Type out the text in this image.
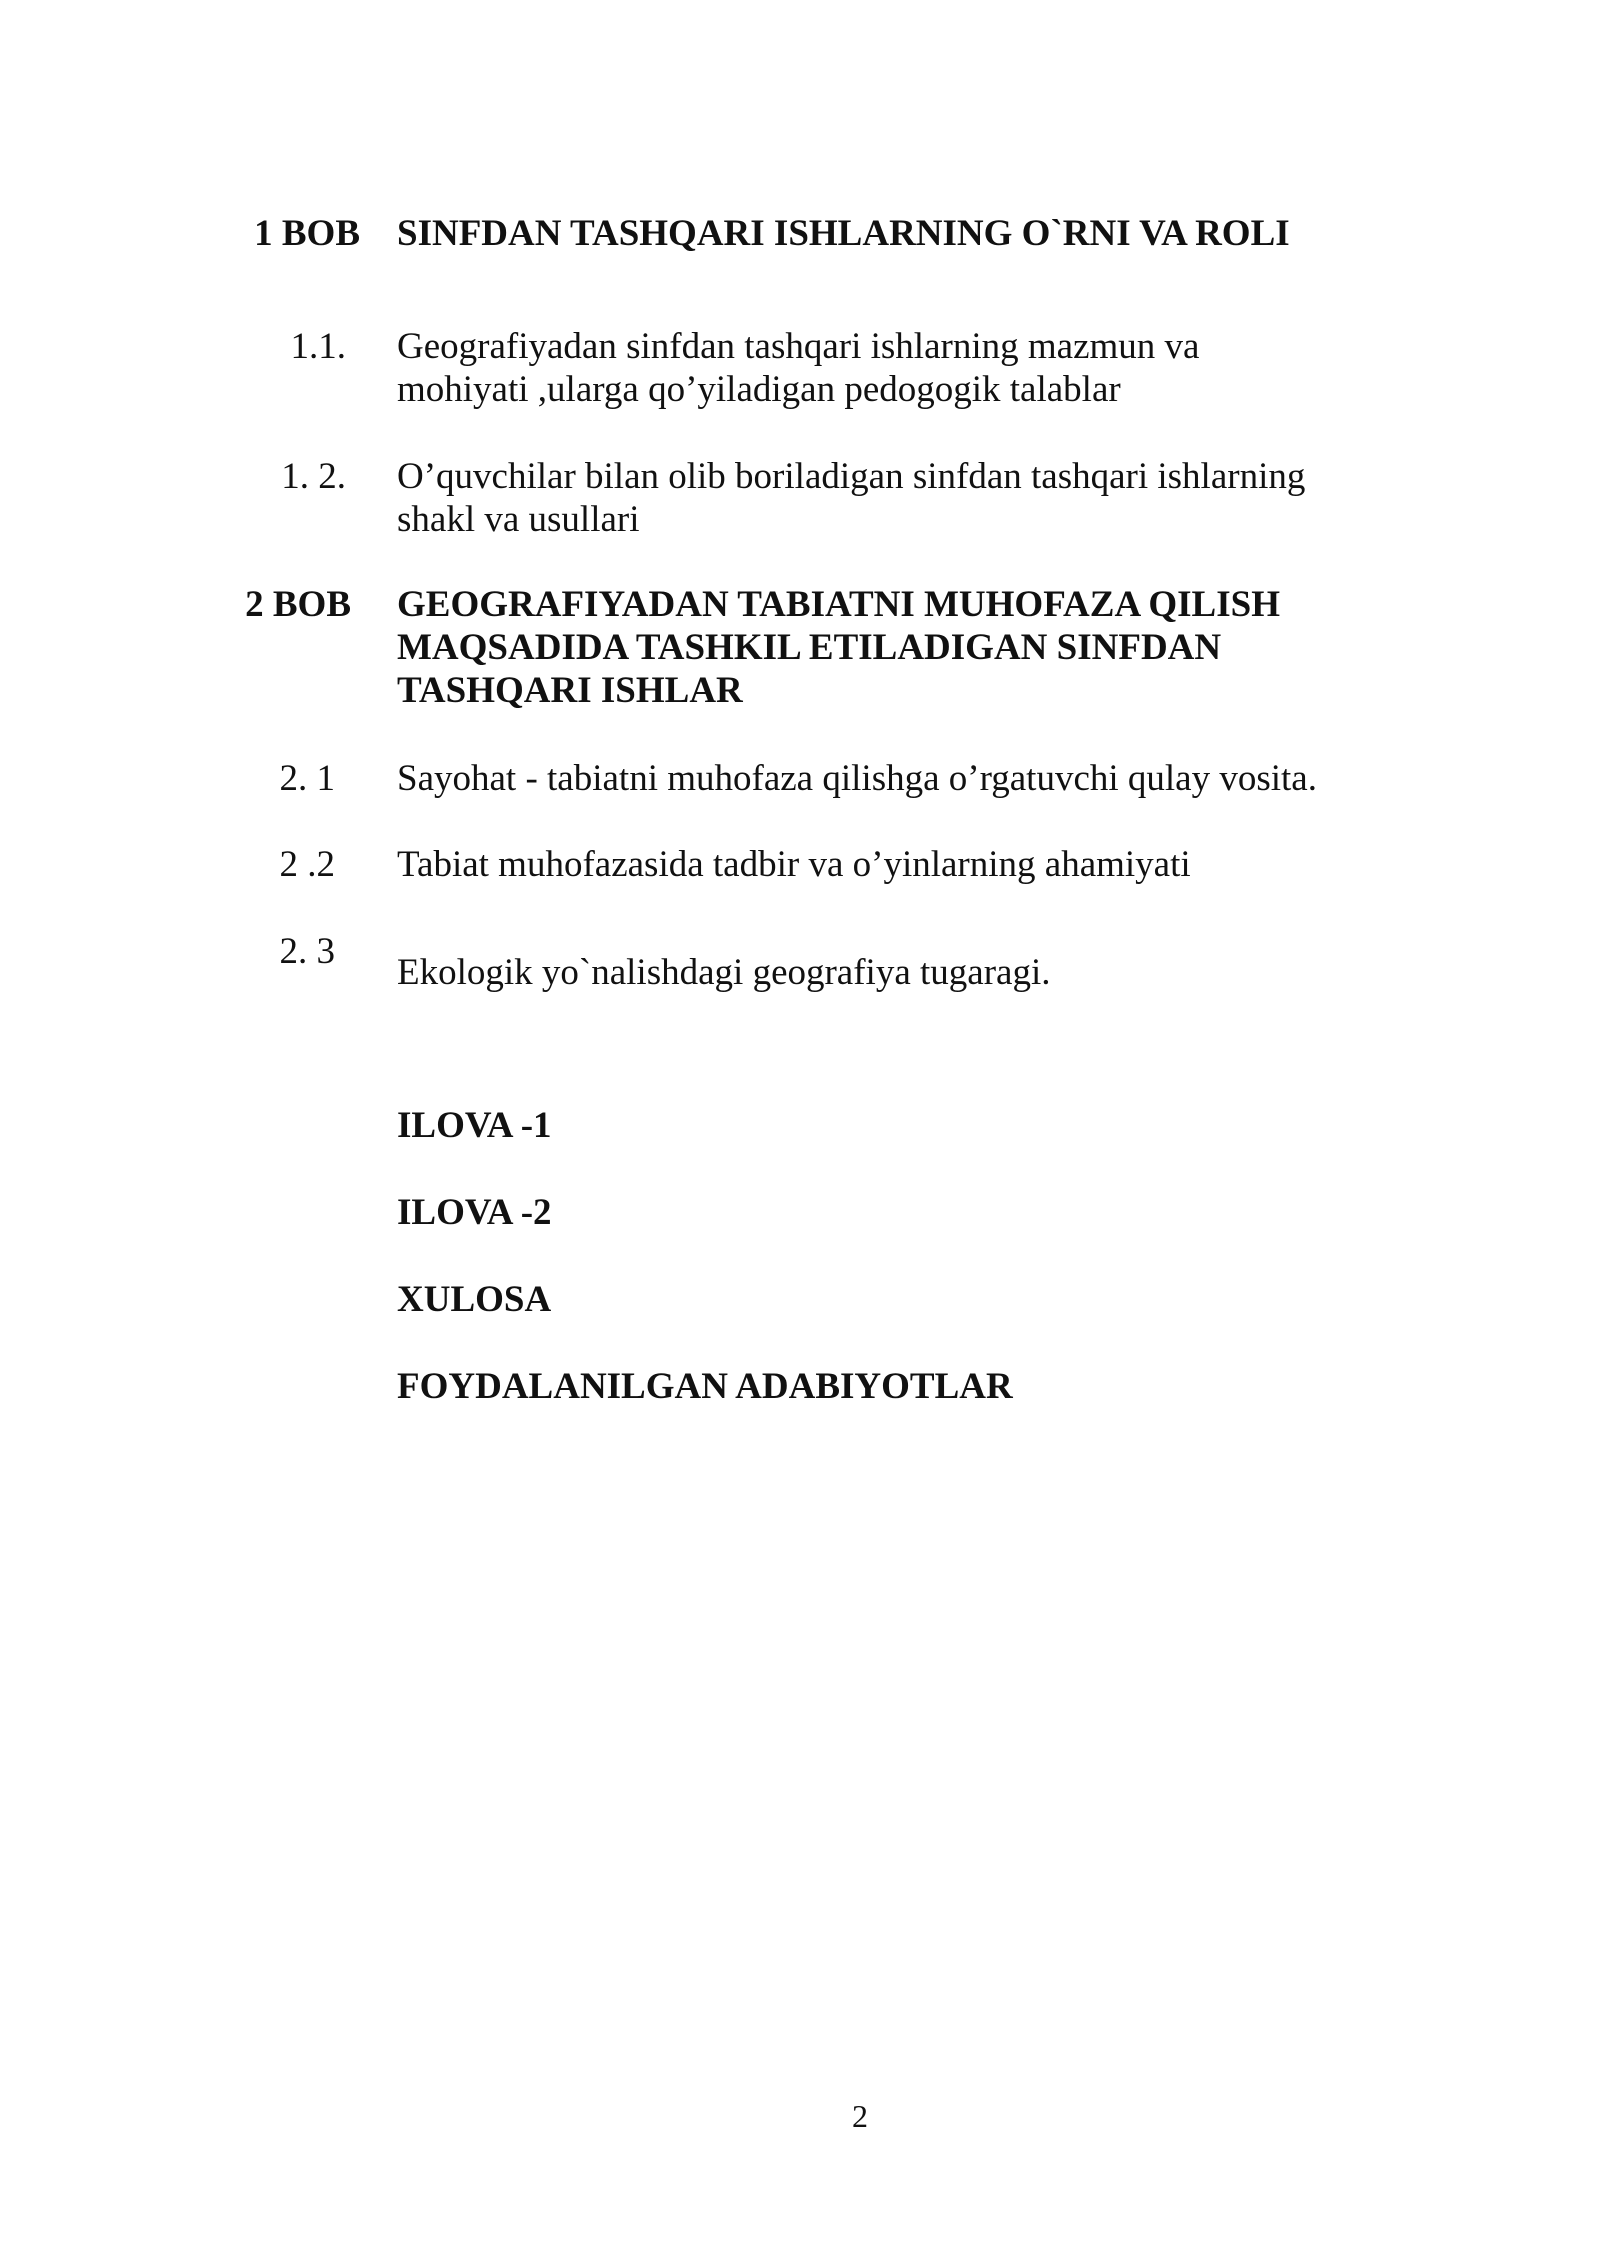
1 BOB SINFDAN TASHQARI ISHLARNING O`RNI VA ROLI
1.1. Geografiyadan sinfdan tashqari ishlarning mazmun va
mohiyati ,ularga qo’yiladigan pedogogik talablar
1. 2. O’quvchilar bilan olib boriladigan sinfdan tashqari ishlarning
shakl va usullari
2 BOB GEOGRAFIYADAN TABIATNI MUHOFAZA QILISH
MAQSADIDA TASHKIL ETILADIGAN SINFDAN
TASHQARI ISHLAR
2. 1 Sayohat - tabiatni muhofaza qilishga o’rgatuvchi qulay vosita.
2 .2 Tabiat muhofazasida tadbir va o’yinlarning ahamiyati
2. 3
Ekologik yo`nalishdagi geografiya tugaragi.
ILOVA -1
ILOVA -2
XULOSA
FOYDALANILGAN ADABIYOTLAR
2
